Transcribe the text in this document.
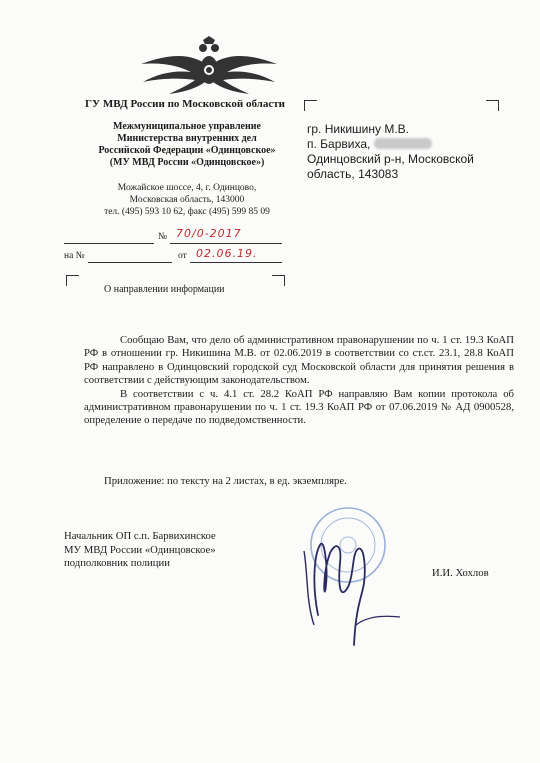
ГУ МВД России по Московской области
Межмуниципальное управление
Министерства внутренних дел
Российской Федерации «Одинцовское»
(МУ МВД России «Одинцовское»)
Можайское шоссе, 4, г. Одинцово,
Московская область, 143000
тел. (495) 593 10 62, факс (495) 599 85 09
№ 70/0-2017
на №	от 02.06.19.
О направлении информации
гр. Никишину М.В.
п. Барвиха,
Одинцовский р-н, Московской
область, 143083

Сообщаю Вам, что дело об административном правонарушении по ч. 1 ст. 19.3 КоАП РФ в отношении гр. Никишина М.В. от 02.06.2019 в соответствии со ст.ст. 23.1, 28.8 КоАП РФ направлено в Одинцовский городской суд Московской области для принятия решения в соответствии с действующим законодательством.

В соответствии с ч. 4.1 ст. 28.2 КоАП РФ направляю Вам копии протокола об административном правонарушении по ч. 1 ст. 19.3 КоАП РФ от 07.06.2019 № АД 0900528, определение о передаче по подведомственности.

Приложение: по тексту на 2 листах, в ед. экземпляре.
Начальник ОП с.п. Барвихинское
МУ МВД России «Одинцовское»
подполковник полиции
И.И. Хохлов
